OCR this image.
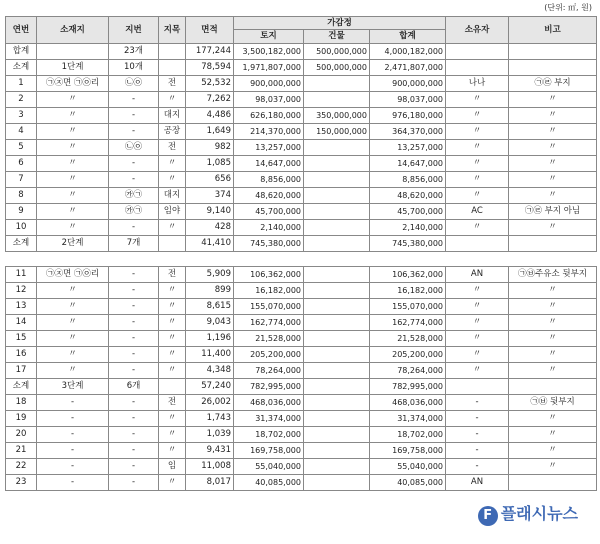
(단위: ㎡, 원)
연번	소재지	지번	지목	면적	가감정			소유자	비고
					토지	건물	합계		
합계		23개		177,244	3,500,182,000	500,000,000	4,000,182,000		
소계	1단계	10개		78,594	1,971,807,000	500,000,000	2,471,807,000		
1	㉠㉨면 ㉠㉧리	㉡㉧	전	52,532	900,000,000		900,000,000	나나	㉠㉣ 부지
2	〃	-	〃	7,262	98,037,000		98,037,000	〃	〃
3	〃	-	대지	4,486	626,180,000	350,000,000	976,180,000	〃	〃
4	〃	-	공장	1,649	214,370,000	150,000,000	364,370,000	〃	〃
5	〃	㉡㉧	전	982	13,257,000		13,257,000	〃	〃
6	〃	-	〃	1,085	14,647,000		14,647,000	〃	〃
7	〃	-	〃	656	8,856,000		8,856,000	〃	〃
8	〃	㉮㉠	대지	374	48,620,000		48,620,000	〃	〃
9	〃	㉮㉠	임야	9,140	45,700,000		45,700,000	AC	㉠㉣ 부지 아님
10	〃	-	〃	428	2,140,000		2,140,000	〃	〃
소계	2단계	7개		41,410	745,380,000		745,380,000		

11	㉠㉨면 ㉠㉧리	-	전	5,909	106,362,000		106,362,000	AN	㉠㉥주유소 뒷부지
12	〃	-	〃	899	16,182,000		16,182,000	〃	〃
13	〃	-	〃	8,615	155,070,000		155,070,000	〃	〃
14	〃	-	〃	9,043	162,774,000		162,774,000	〃	〃
15	〃	-	〃	1,196	21,528,000		21,528,000	〃	〃
16	〃	-	〃	11,400	205,200,000		205,200,000	〃	〃
17	〃	-	〃	4,348	78,264,000		78,264,000	〃	〃
소계	3단계	6개		57,240	782,995,000		782,995,000		
18	-	-	전	26,002	468,036,000		468,036,000	-	㉠㉥ 뒷부지
19	-	-	〃	1,743	31,374,000		31,374,000	-	〃
20	-	-	〃	1,039	18,702,000		18,702,000	-	〃
21	-	-	〃	9,431	169,758,000		169,758,000	-	〃
22	-	-	임	11,008	55,040,000		55,040,000	-	〃
23	-	-	〃	8,017	40,085,000		40,085,000	AN	
F 플래시뉴스
